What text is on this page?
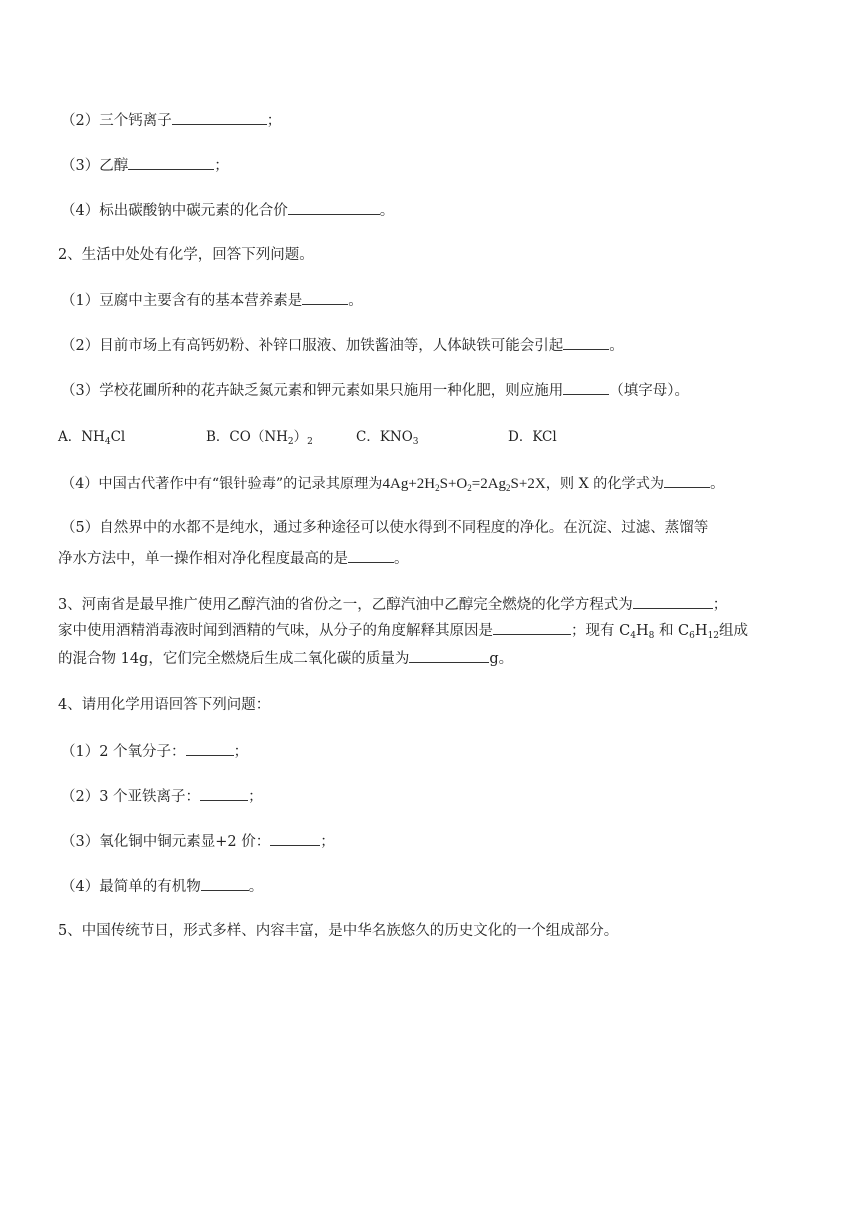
（2）三个钙离子	；
（3）乙醇	；
（4）标出碳酸钠中碳元素的化合价	。
2、生活中处处有化学，回答下列问题。
（1）豆腐中主要含有的基本营养素是	。
（2）目前市场上有高钙奶粉、补锌口服液、加铁酱油等，人体缺铁可能会引起	。
（3）学校花圃所种的花卉缺乏氮元素和钾元素如果只施用一种化肥，则应施用	（填字母）。
A．$NH_4Cl$	B．$CO(NH_2)_2$	C．$KNO_3$	D．KCl
（4）中国古代著作中有“银针验毒”的记录其原理为$4Ag+2H_2S+O_2=2Ag_2S+2X$，则 X 的化学式为	。
（5）自然界中的水都不是纯水，通过多种途径可以使水得到不同程度的净化。在沉淀、过滤、蒸馏等
净水方法中，单一操作相对净化程度最高的是	。
3、河南省是最早推广使用乙醇汽油的省份之一，乙醇汽油中乙醇完全燃烧的化学方程式为	；
家中使用酒精消毒液时闻到酒精的气味，从分子的角度解释其原因是	；现有 $C_4H_8$ 和 $C_6H_{12}$组成
的混合物 14g，它们完全燃烧后生成二氧化碳的质量为	g。
4、请用化学用语回答下列问题：
（1）2 个氧分子：	；
（2）3 个亚铁离子：	；
（3）氧化铜中铜元素显+2 价：	；
（4）最简单的有机物	。
5、中国传统节日，形式多样、内容丰富，是中华名族悠久的历史文化的一个组成部分。
